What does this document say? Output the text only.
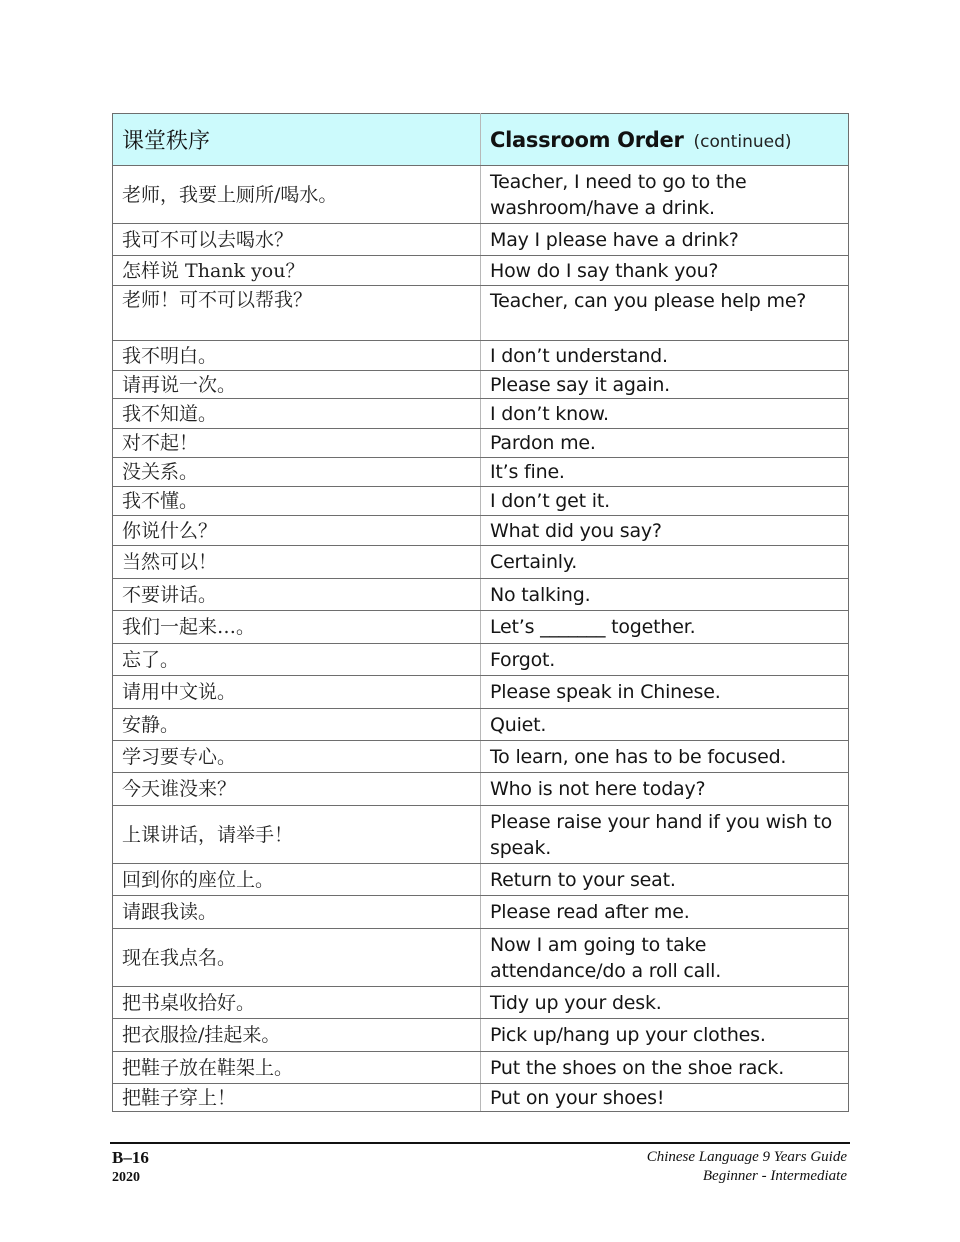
课堂秩序	Classroom Order (continued)
老师，我要上厕所/喝水。	Teacher, I need to go to the washroom/have a drink.
我可不可以去喝水？	May I please have a drink?
怎样说 Thank you？	How do I say thank you?
老师！可不可以帮我？	Teacher, can you please help me?
我不明白。	I don’t understand.
请再说一次。	Please say it again.
我不知道。	I don’t know.
对不起！	Pardon me.
没关系。	It’s fine.
我不懂。	I don’t get it.
你说什么？	What did you say?
当然可以！	Certainly.
不要讲话。	No talking.
我们一起来…。	Let’s _______ together.
忘了。	Forgot.
请用中文说。	Please speak in Chinese.
安静。	Quiet.
学习要专心。	To learn, one has to be focused.
今天谁没来？	Who is not here today?
上课讲话，请举手！	Please raise your hand if you wish to speak.
回到你的座位上。	Return to your seat.
请跟我读。	Please read after me.
现在我点名。	Now I am going to take attendance/do a roll call.
把书桌收拾好。	Tidy up your desk.
把衣服捡/挂起来。	Pick up/hang up your clothes.
把鞋子放在鞋架上。	Put the shoes on the shoe rack.
把鞋子穿上！	Put on your shoes!
B–16
2020
Chinese Language 9 Years Guide
Beginner - Intermediate
